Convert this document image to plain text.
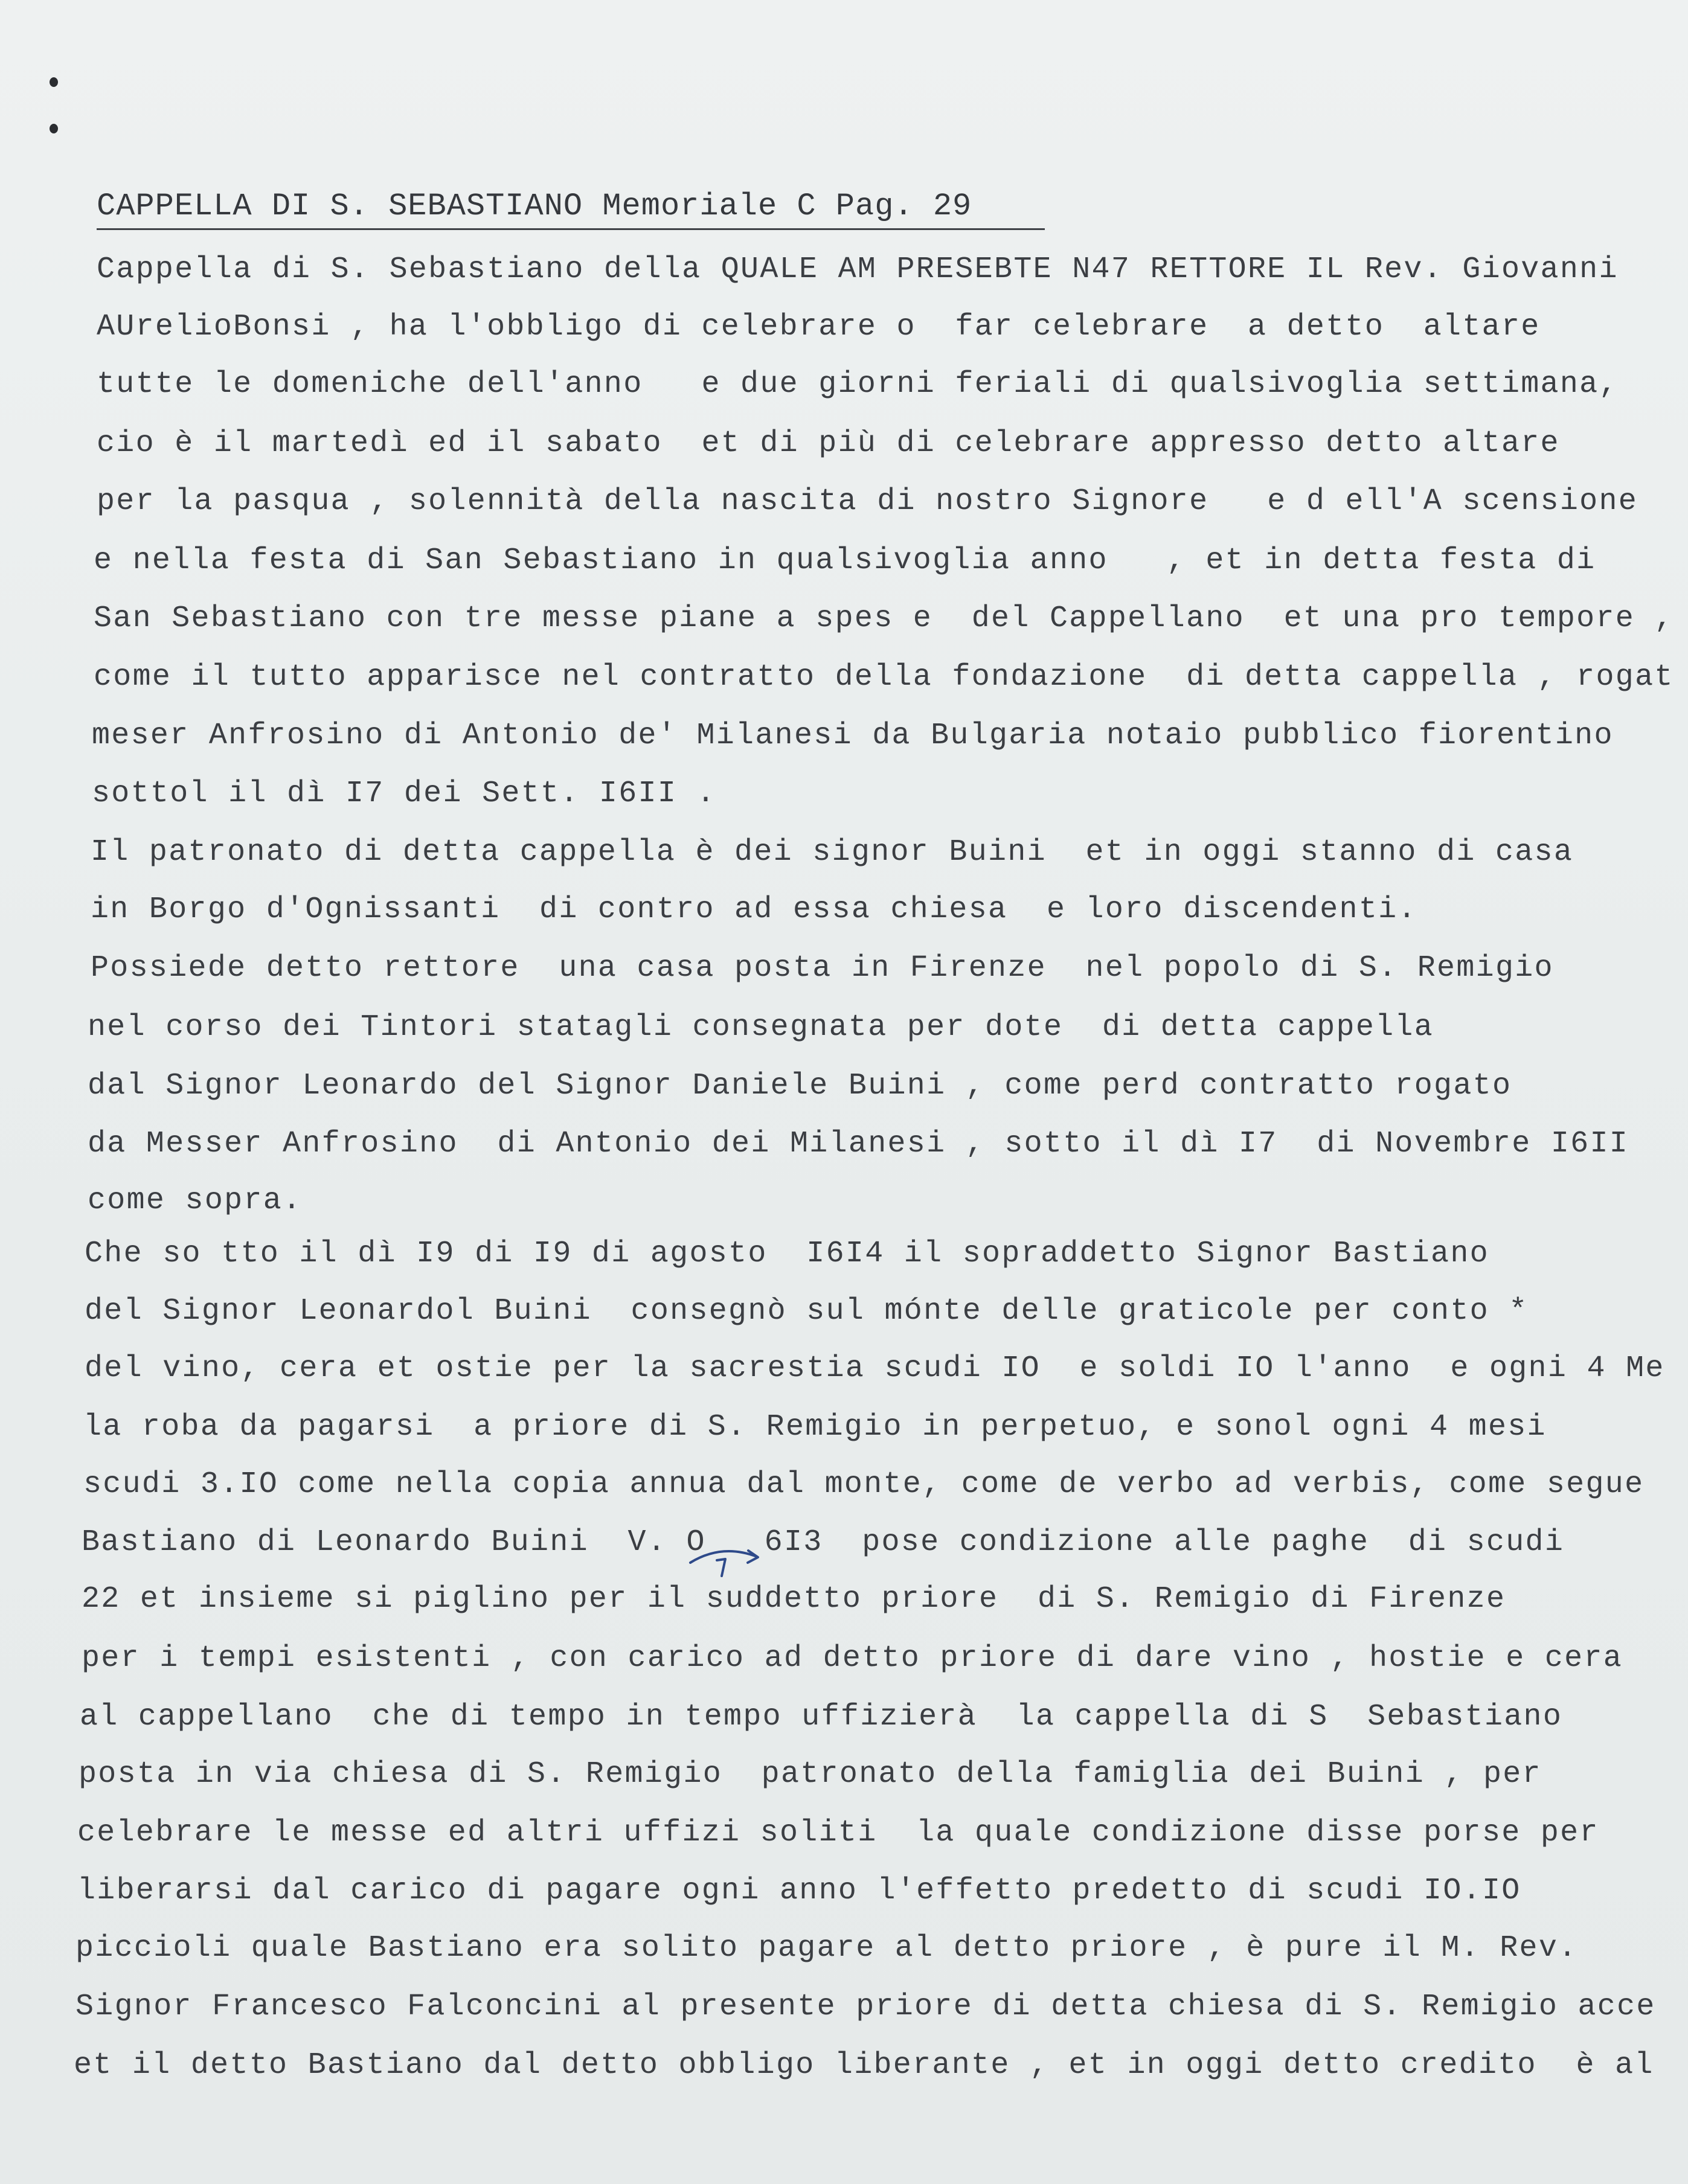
CAPPELLA DI S. SEBASTIANO Memoriale C Pag. 29
Cappella di S. Sebastiano della QUALE AM PRESEBTE N47 RETTORE IL Rev. Giovanni
AUrelioBonsi , ha l'obbligo di celebrare o  far celebrare  a detto  altare
tutte le domeniche dell'anno   e due giorni feriali di qualsivoglia settimana,
cio è il martedì ed il sabato  et di più di celebrare appresso detto altare
per la pasqua , solennità della nascita di nostro Signore   e d ell'A scensione
e nella festa di San Sebastiano in qualsivoglia anno   , et in detta festa di
San Sebastiano con tre messe piane a spes e  del Cappellano  et una pro tempore ,
come il tutto apparisce nel contratto della fondazione  di detta cappella , rogat
meser Anfrosino di Antonio de' Milanesi da Bulgaria notaio pubblico fiorentino
sottol il dì I7 dei Sett. I6II .
Il patronato di detta cappella è dei signor Buini  et in oggi stanno di casa
in Borgo d'Ognissanti  di contro ad essa chiesa  e loro discendenti.
Possiede detto rettore  una casa posta in Firenze  nel popolo di S. Remigio
nel corso dei Tintori statagli consegnata per dote  di detta cappella
dal Signor Leonardo del Signor Daniele Buini , come perd contratto rogato
da Messer Anfrosino  di Antonio dei Milanesi , sotto il dì I7  di Novembre I6II
come sopra.
Che so tto il dì I9 di I9 di agosto  I6I4 il sopraddetto Signor Bastiano
del Signor Leonardol Buini  consegnò sul mónte delle graticole per conto *
del vino, cera et ostie per la sacrestia scudi IO  e soldi IO l'anno  e ogni 4 Me
la roba da pagarsi  a priore di S. Remigio in perpetuo, e sonol ogni 4 mesi
scudi 3.IO come nella copia annua dal monte, come de verbo ad verbis, come segue
Bastiano di Leonardo Buini  V. O   6I3  pose condizione alle paghe  di scudi
22 et insieme si piglino per il suddetto priore  di S. Remigio di Firenze
per i tempi esistenti , con carico ad detto priore di dare vino , hostie e cera
al cappellano  che di tempo in tempo uffizierà  la cappella di S  Sebastiano
posta in via chiesa di S. Remigio  patronato della famiglia dei Buini , per
celebrare le messe ed altri uffizi soliti  la quale condizione disse porse per
liberarsi dal carico di pagare ogni anno l'effetto predetto di scudi IO.IO
piccioli quale Bastiano era solito pagare al detto priore , è pure il M. Rev.
Signor Francesco Falconcini al presente priore di detta chiesa di S. Remigio acce
et il detto Bastiano dal detto obbligo liberante , et in oggi detto credito  è al
